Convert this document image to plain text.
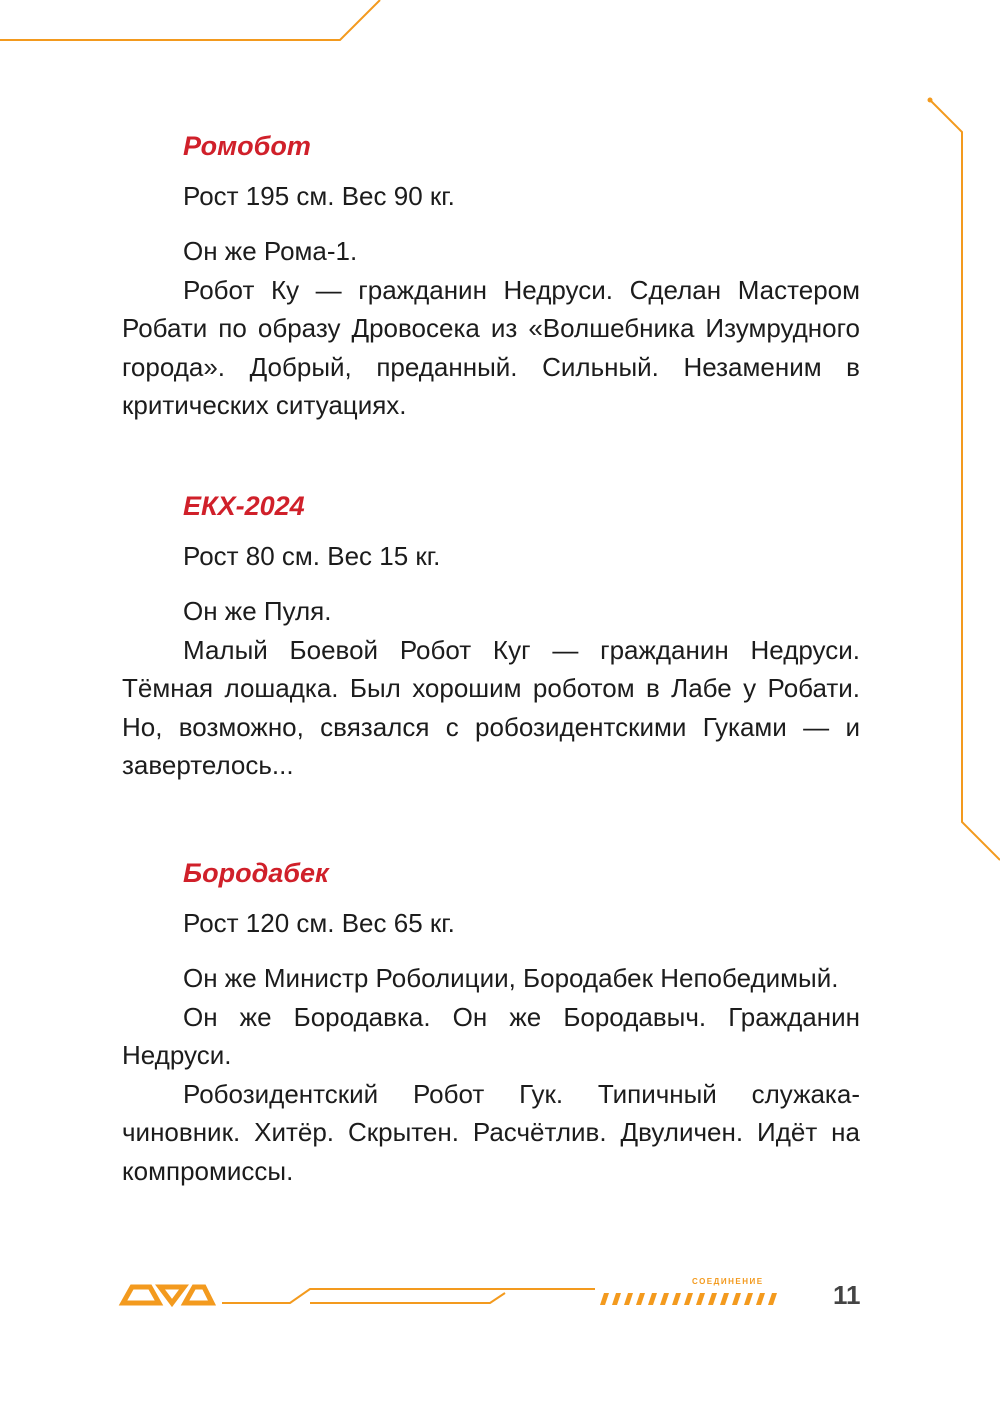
Ромобот
Рост 195 см. Вес 90 кг.

Он же Рома-1.

Робот Ку — гражданин Недруси. Сделан Мастером Робати по образу Дровосека из «Волшебника Изумрудного города». Добрый, преданный. Сильный. Незаменим в критических ситуациях.

ЕКХ-2024
Рост 80 см. Вес 15 кг.

Он же Пуля.

Малый Боевой Робот Куг — гражданин Недруси. Тёмная лошадка. Был хорошим роботом в Лабе у Робати. Но, возможно, связался с робозидентскими Гуками — и завертелось...

Бородабек
Рост 120 см. Вес 65 кг.

Он же Министр Роболиции, Бородабек Непобедимый.

Он же Бородавка. Он же Бородавыч. Гражданин Недруси.

Робозидентский Робот Гук. Типичный служака-чиновник. Хитёр. Скрытен. Расчётлив. Двуличен. Идёт на компромиссы.

СОЕДИНЕНИЕ	11
